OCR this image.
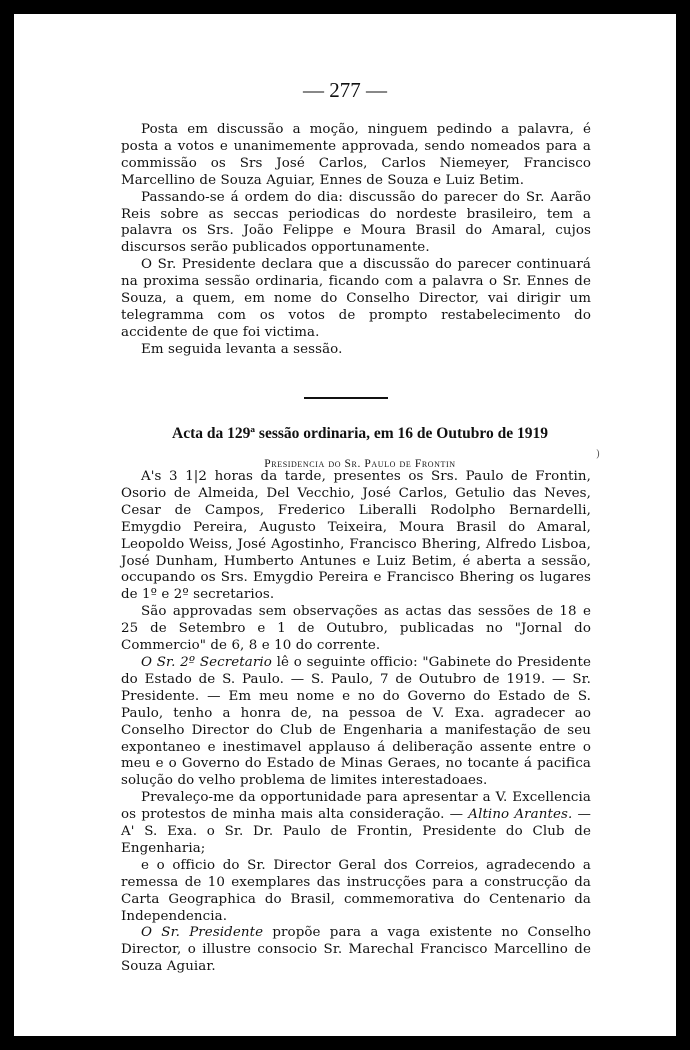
— 277 —

Posta em discussão a moção, ninguem pedindo a palavra, é posta a votos e unanimemente approvada, sendo nomeados para a commissão os Srs José Carlos, Carlos Niemeyer, Francisco Marcellino de Souza Aguiar, Ennes de Souza e Luiz Betim.

Passando-se á ordem do dia: discussão do parecer do Sr. Aarão Reis sobre as seccas periodicas do nordeste brasileiro, tem a palavra os Srs. João Felippe e Moura Brasil do Amaral, cujos discursos serão publicados opportunamente.

O Sr. Presidente declara que a discussão do parecer continuará na proxima sessão ordinaria, ficando com a palavra o Sr. Ennes de Souza, a quem, em nome do Conselho Director, vai dirigir um telegramma com os votos de prompto restabelecimento do accidente de que foi victima.

Em seguida levanta a sessão.

Acta da 129ª sessão ordinaria, em 16 de Outubro de 1919
Presidencia do Sr. Paulo de Frontin
)

A's 3 1|2 horas da tarde, presentes os Srs. Paulo de Frontin, Osorio de Almeida, Del Vecchio, José Carlos, Getulio das Neves, Cesar de Campos, Frederico Liberalli Rodolpho Bernardelli, Emygdio Pereira, Augusto Teixeira, Moura Brasil do Amaral, Leopoldo Weiss, José Agostinho, Francisco Bhering, Alfredo Lisboa, José Dunham, Humberto Antunes e Luiz Betim, é aberta a sessão, occupando os Srs. Emygdio Pereira e Francisco Bhering os lugares de 1º e 2º secretarios.

São approvadas sem observações as actas das sessões de 18 e 25 de Setembro e 1 de Outubro, publicadas no "Jornal do Commercio" de 6, 8 e 10 do corrente.

O Sr. 2º Secretario lê o seguinte officio: "Gabinete do Presidente do Estado de S. Paulo. — S. Paulo, 7 de Outubro de 1919. — Sr. Presidente. — Em meu nome e no do Governo do Estado de S. Paulo, tenho a honra de, na pessoa de V. Exa. agradecer ao Conselho Director do Club de Engenharia a manifestação de seu expontaneo e inestimavel applauso á deliberação assente entre o meu e o Governo do Estado de Minas Geraes, no tocante á pacifica solução do velho problema de limites interestadoaes.

Prevaleço-me da opportunidade para apresentar a V. Excellencia os protestos de minha mais alta consideração. — Altino Arantes. — A' S. Exa. o Sr. Dr. Paulo de Frontin, Presidente do Club de Engenharia;

e o officio do Sr. Director Geral dos Correios, agradecendo a remessa de 10 exemplares das instrucções para a construcção da Carta Geographica do Brasil, commemorativa do Centenario da Independencia.

O Sr. Presidente propõe para a vaga existente no Conselho Director, o illustre consocio Sr. Marechal Francisco Marcellino de Souza Aguiar.
